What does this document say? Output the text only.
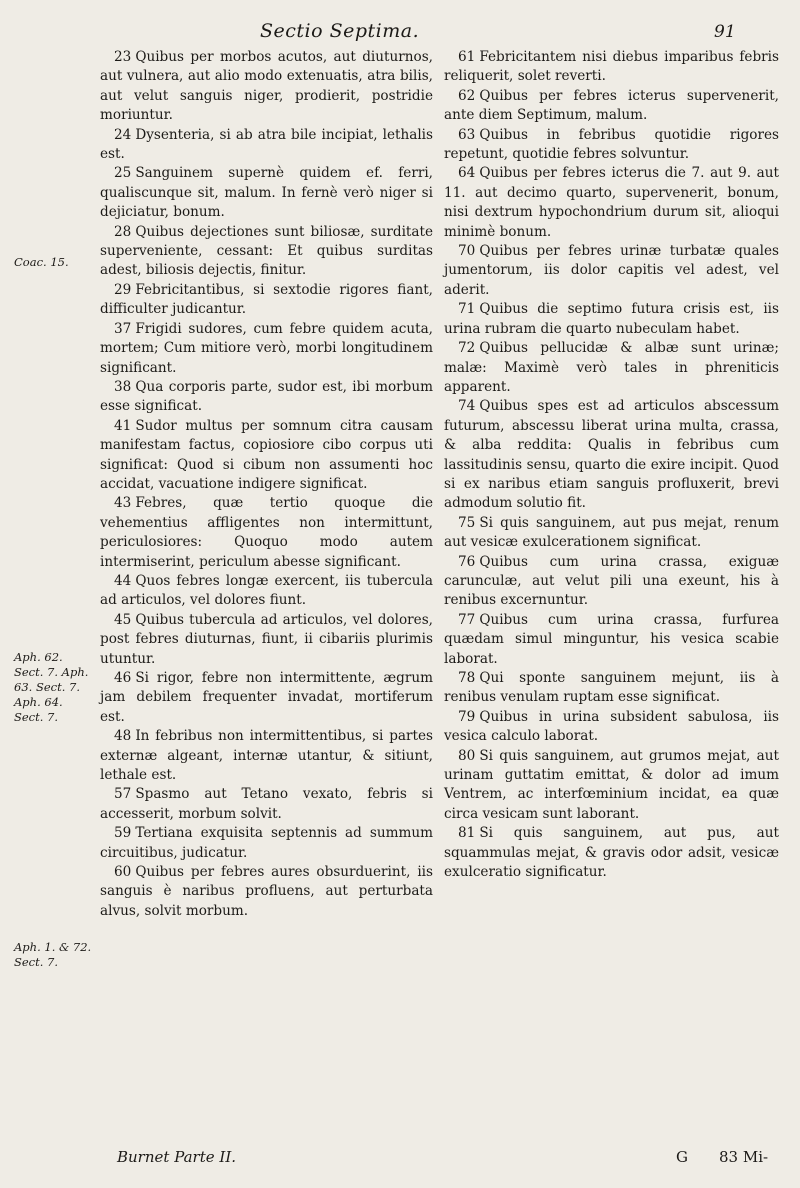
Sectio Septima.	91
Coac. 15.
Aph. 62. Sect. 7. Aph. 63. Sect. 7. Aph. 64. Sect. 7.
Aph. 1. & 72. Sect. 7.

23 Quibus per morbos acutos, aut diuturnos, aut vulnera, aut alio modo extenuatis, atra bilis, aut velut sanguis niger, prodierit, postridie moriuntur.

24 Dysenteria, si ab atra bile incipiat, lethalis est.

25 Sanguinem supernè quidem ef. ferri, qualiscunque sit, malum. In fernè verò niger si dejiciatur, bonum.

28 Quibus dejectiones sunt biliosæ, surditate superveniente, cessant: Et quibus surditas adest, biliosis dejectis, finitur.

29 Febricitantibus, si sextodie rigores fiant, difficulter judicantur.

37 Frigidi sudores, cum febre quidem acuta, mortem; Cum mitiore verò, morbi longitudinem significant.

38 Qua corporis parte, sudor est, ibi morbum esse significat.

41 Sudor multus per somnum citra causam manifestam factus, copiosiore cibo corpus uti significat: Quod si cibum non assumenti hoc accidat, vacuatione indigere significat.

43 Febres, quæ tertio quoque die vehementius affligentes non intermittunt, periculosiores: Quoquo modo autem intermiserint, periculum abesse significant.

44 Quos febres longæ exercent, iis tubercula ad articulos, vel dolores fiunt.

45 Quibus tubercula ad articulos, vel dolores, post febres diuturnas, fiunt, ii cibariis plurimis utuntur.

46 Si rigor, febre non intermittente, ægrum jam debilem frequenter invadat, mortiferum est.

48 In febribus non intermittentibus, si partes externæ algeant, internæ utantur, & sitiunt, lethale est.

57 Spasmo aut Tetano vexato, febris si accesserit, morbum solvit.

59 Tertiana exquisita septennis ad summum circuitibus, judicatur.

60 Quibus per febres aures obsurduerint, iis sanguis è naribus profluens, aut perturbata alvus, solvit morbum.

61 Febricitantem nisi diebus imparibus febris reliquerit, solet reverti.

62 Quibus per febres icterus supervenerit, ante diem Septimum, malum.

63 Quibus in febribus quotidie rigores repetunt, quotidie febres solvuntur.

64 Quibus per febres icterus die 7. aut 9. aut 11. aut decimo quarto, supervenerit, bonum, nisi dextrum hypochondrium durum sit, alioqui minimè bonum.

70 Quibus per febres urinæ turbatæ quales jumentorum, iis dolor capitis vel adest, vel aderit.

71 Quibus die septimo futura crisis est, iis urina rubram die quarto nubeculam habet.

72 Quibus pellucidæ & albæ sunt urinæ; malæ: Maximè verò tales in phreniticis apparent.

74 Quibus spes est ad articulos abscessum futurum, abscessu liberat urina multa, crassa, & alba reddita: Qualis in febribus cum lassitudinis sensu, quarto die exire incipit. Quod si ex naribus etiam sanguis profluxerit, brevi admodum solutio fit.

75 Si quis sanguinem, aut pus mejat, renum aut vesicæ exulcerationem significat.

76 Quibus cum urina crassa, exiguæ carunculæ, aut velut pili una exeunt, his à renibus excernuntur.

77 Quibus cum urina crassa, furfurea quædam simul minguntur, his vesica scabie laborat.

78 Qui sponte sanguinem mejunt, iis à renibus venulam ruptam esse significat.

79 Quibus in urina subsident sabulosa, iis vesica calculo laborat.

80 Si quis sanguinem, aut grumos mejat, aut urinam guttatim emittat, & dolor ad imum Ventrem, ac interfœminium incidat, ea quæ circa vesicam sunt laborant.

81 Si quis sanguinem, aut pus, aut squammulas mejat, & gravis odor adsit, vesicæ exulceratio significatur.

Burnet Parte II.	G 83 Mi-
